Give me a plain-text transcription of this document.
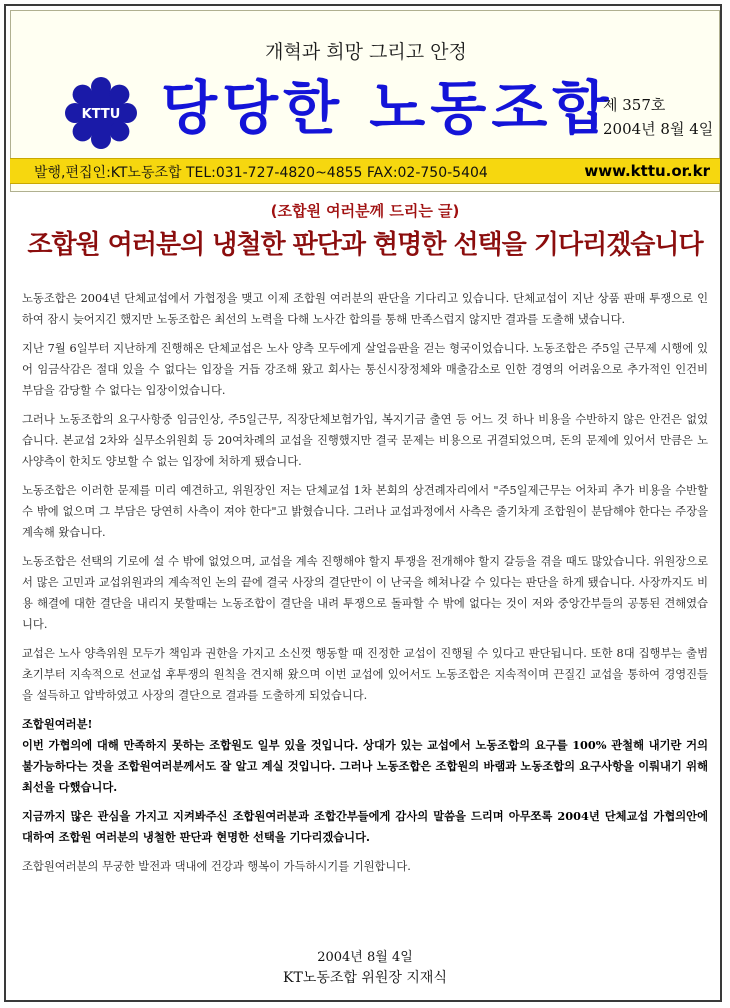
개혁과 희망 그리고 안정
KTTU 당당한 노동조합
제 357호
2004년 8월 4일
발행,편집인:KT노동조합 TEL:031-727-4820~4855 FAX:02-750-5404	www.kttu.or.kr
(조합원 여러분께 드리는 글)
조합원 여러분의 냉철한 판단과 현명한 선택을 기다리겠습니다

노동조합은 2004년 단체교섭에서 가협정을 맺고 이제 조합원 여러분의 판단을 기다리고 있습니다. 단체교섭이 지난 상품 판매 투쟁으로 인하여 잠시 늦어지긴 했지만 노동조합은 최선의 노력을 다해 노사간 합의를 통해 만족스럽지 않지만 결과를 도출해 냈습니다.

지난 7월 6일부터 지난하게 진행해온 단체교섭은 노사 양측 모두에게 살얼음판을 걷는 형국이었습니다. 노동조합은 주5일 근무제 시행에 있어 임금삭감은 절대 있을 수 없다는 입장을 거듭 강조해 왔고 회사는 통신시장정체와 매출감소로 인한 경영의 어려움으로 추가적인 인건비 부담을 감당할 수 없다는 입장이었습니다.

그러나 노동조합의 요구사항중 임금인상, 주5일근무, 직장단체보험가입, 복지기금 출연 등 어느 것 하나 비용을 수반하지 않은 안건은 없었습니다. 본교섭 2차와 실무소위원회 등 20여차례의 교섭을 진행했지만 결국 문제는 비용으로 귀결되었으며, 돈의 문제에 있어서 만큼은 노사양측이 한치도 양보할 수 없는 입장에 처하게 됐습니다.

노동조합은 이러한 문제를 미리 예견하고, 위원장인 저는 단체교섭 1차 본회의 상견례자리에서 "주5일제근무는 어차피 추가 비용을 수반할 수 밖에 없으며 그 부담은 당연히 사측이 져야 한다"고 밝혔습니다. 그러나 교섭과정에서 사측은 줄기차게 조합원이 분담해야 한다는 주장을 계속해 왔습니다.

노동조합은 선택의 기로에 설 수 밖에 없었으며, 교섭을 계속 진행해야 할지 투쟁을 전개해야 할지 갈등을 겪을 때도 많았습니다. 위원장으로서 많은 고민과 교섭위원과의 계속적인 논의 끝에 결국 사장의 결단만이 이 난국을 헤쳐나갈 수 있다는 판단을 하게 됐습니다. 사장까지도 비용 해결에 대한 결단을 내리지 못할때는 노동조합이 결단을 내려 투쟁으로 돌파할 수 밖에 없다는 것이 저와 중앙간부들의 공통된 견해였습니다.

교섭은 노사 양측위원 모두가 책임과 권한을 가지고 소신껏 행동할 때 진정한 교섭이 진행될 수 있다고 판단됩니다. 또한 8대 집행부는 출범 초기부터 지속적으로 선교섭 후투쟁의 원칙을 견지해 왔으며 이번 교섭에 있어서도 노동조합은 지속적이며 끈질긴 교섭을 통하여 경영진들을 설득하고 압박하였고 사장의 결단으로 결과를 도출하게 되었습니다.

조합원여러분!

이번 가협의에 대해 만족하지 못하는 조합원도 일부 있을 것입니다. 상대가 있는 교섭에서 노동조합의 요구를 100% 관철해 내기란 거의 불가능하다는 것을 조합원여러분께서도 잘 알고 계실 것입니다. 그러나 노동조합은 조합원의 바램과 노동조합의 요구사항을 이뤄내기 위해 최선을 다했습니다.

지금까지 많은 관심을 가지고 지켜봐주신 조합원여러분과 조합간부들에게 감사의 말씀을 드리며 아무쪼록 2004년 단체교섭 가협의안에 대하여 조합원 여러분의 냉철한 판단과 현명한 선택을 기다리겠습니다.

조합원여러분의 무궁한 발전과 댁내에 건강과 행복이 가득하시기를 기원합니다.

2004년 8월 4일
KT노동조합 위원장 지재식
